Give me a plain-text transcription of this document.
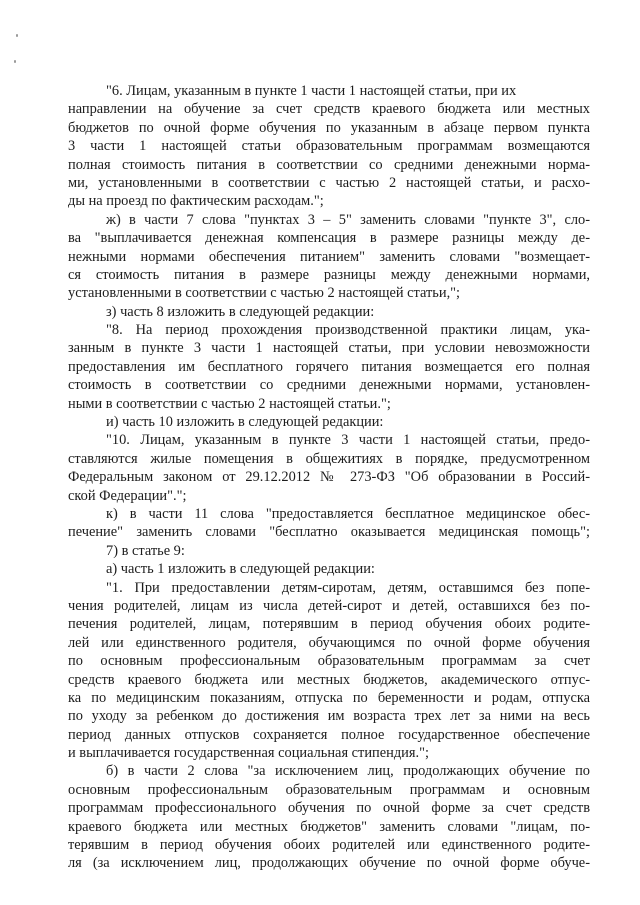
"6. Лицам, указанным в пункте 1 части 1 настоящей статьи, при их
направлении на обучение за счет средств краевого бюджета или местных
бюджетов по очной форме обучения по указанным в абзаце первом пункта
3 части 1 настоящей статьи образовательным программам возмещаются
полная стоимость питания в соответствии со средними денежными норма-
ми, установленными в соответствии с частью 2 настоящей статьи, и расхо-
ды на проезд по фактическим расходам.";
ж) в части 7 слова "пунктах 3 – 5" заменить словами "пункте 3", сло-
ва "выплачивается денежная компенсация в размере разницы между де-
нежными нормами обеспечения питанием" заменить словами "возмещает-
ся стоимость питания в размере разницы между денежными нормами,
установленными в соответствии с частью 2 настоящей статьи,";
з) часть 8 изложить в следующей редакции:
"8. На период прохождения производственной практики лицам, ука-
занным в пункте 3 части 1 настоящей статьи, при условии невозможности
предоставления им бесплатного горячего питания возмещается его полная
стоимость в соответствии со средними денежными нормами, установлен-
ными в соответствии с частью 2 настоящей статьи.";
и) часть 10 изложить в следующей редакции:
"10. Лицам, указанным в пункте 3 части 1 настоящей статьи, предо-
ставляются жилые помещения в общежитиях в порядке, предусмотренном
Федеральным законом от 29.12.2012 № 273-ФЗ "Об образовании в Россий-
ской Федерации".";
к) в части 11 слова "предоставляется бесплатное медицинское обес-
печение" заменить словами "бесплатно оказывается медицинская помощь";
7) в статье 9:
а) часть 1 изложить в следующей редакции:
"1. При предоставлении детям-сиротам, детям, оставшимся без попе-
чения родителей, лицам из числа детей-сирот и детей, оставшихся без по-
печения родителей, лицам, потерявшим в период обучения обоих родите-
лей или единственного родителя, обучающимся по очной форме обучения
по основным профессиональным образовательным программам за счет
средств краевого бюджета или местных бюджетов, академического отпус-
ка по медицинским показаниям, отпуска по беременности и родам, отпуска
по уходу за ребенком до достижения им возраста трех лет за ними на весь
период данных отпусков сохраняется полное государственное обеспечение
и выплачивается государственная социальная стипендия.";
б) в части 2 слова "за исключением лиц, продолжающих обучение по
основным профессиональным образовательным программам и основным
программам профессионального обучения по очной форме за счет средств
краевого бюджета или местных бюджетов" заменить словами "лицам, по-
терявшим в период обучения обоих родителей или единственного родите-
ля (за исключением лиц, продолжающих обучение по очной форме обуче-
